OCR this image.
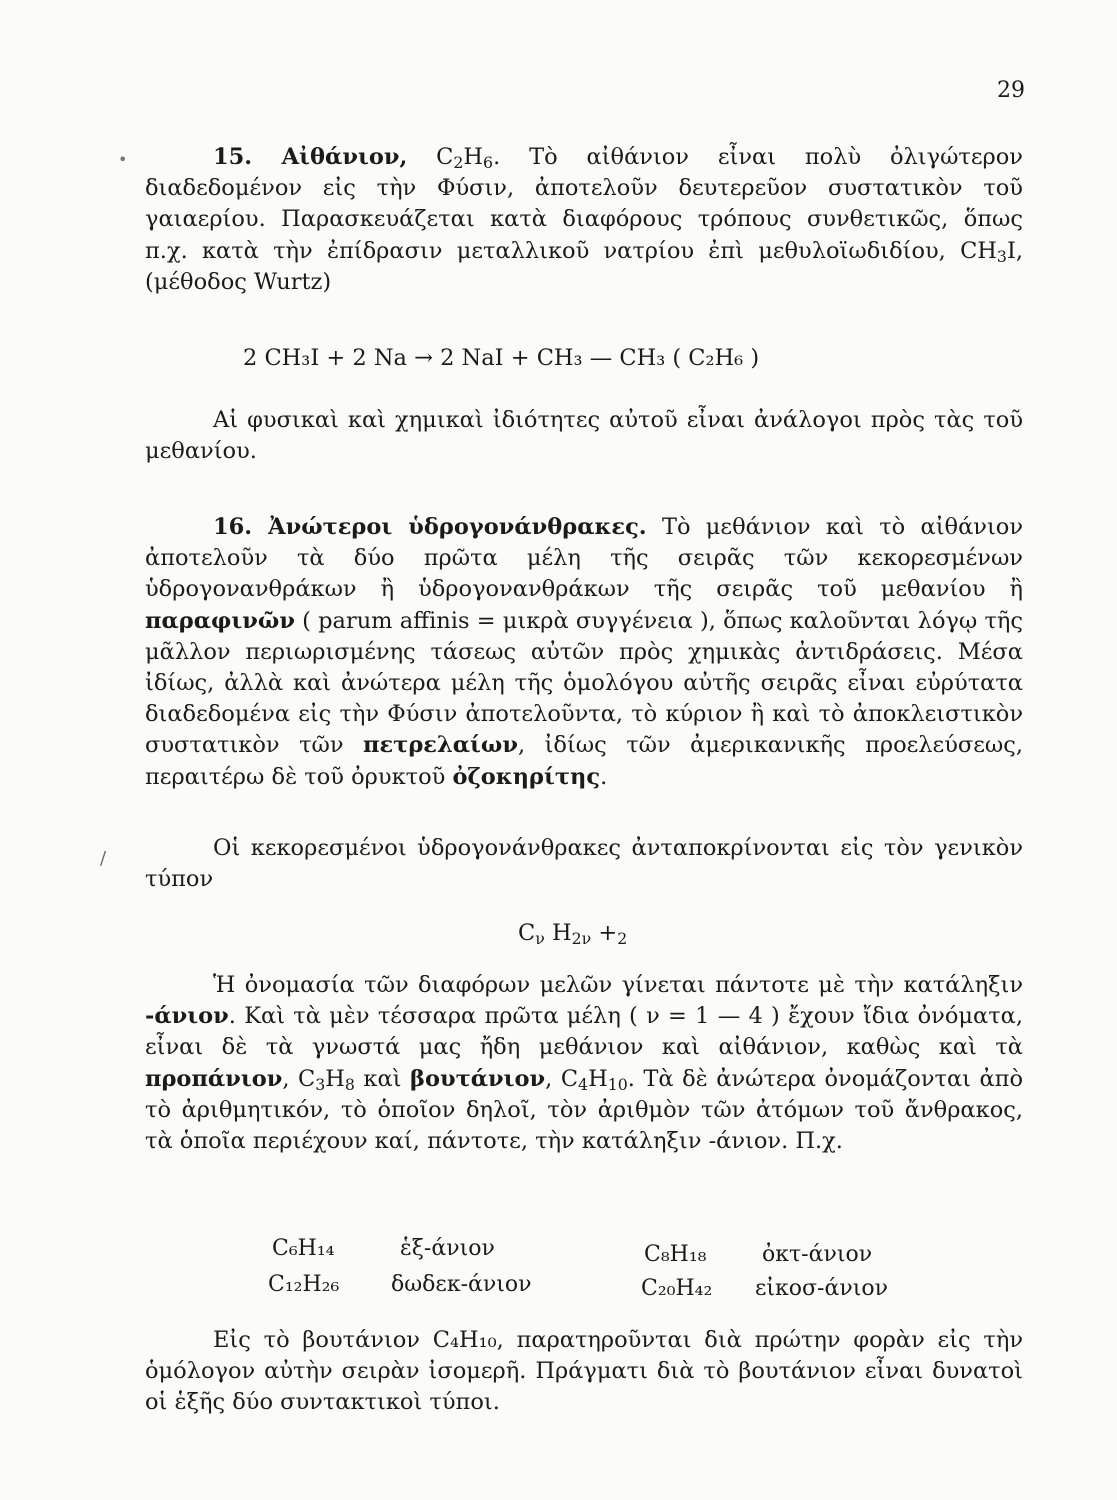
29
•	15. Αἰθάνιον, $C_2H_6$. Τὸ αἰθάνιον εἶναι πολὺ ὀλιγώτερον διαδεδομένον εἰς τὴν Φύσιν, ἀποτελοῦν δευτερεῦον συστατικὸν τοῦ γαιαερίου. Παρασκευάζεται κατὰ διαφόρους τρόπους συνθετικῶς, ὅπως π.χ. κατὰ τὴν ἐπίδρασιν μεταλλικοῦ νατρίου ἐπὶ μεθυλοϊωδιδίου, $CH_3I$, (μέθοδος Wurtz)

2 CH₃I + 2 Na → 2 NaI + CH₃ — CH₃ ( C₂H₆ )

Αἱ φυσικαὶ καὶ χημικαὶ ἰδιότητες αὐτοῦ εἶναι ἀνάλογοι πρὸς τὰς τοῦ μεθανίου.

16. Ἀνώτεροι ὑδρογονάνθρακες. Τὸ μεθάνιον καὶ τὸ αἰθάνιον ἀποτελοῦν τὰ δύο πρῶτα μέλη τῆς σειρᾶς τῶν κεκορεσμένων ὑδρογονανθράκων ἢ ὑδρογονανθράκων τῆς σειρᾶς τοῦ μεθανίου ἢ παραφινῶν ( parum affinis = μικρὰ συγγένεια ), ὅπως καλοῦνται λόγῳ τῆς μᾶλλον περιωρισμένης τάσεως αὐτῶν πρὸς χημικὰς ἀντιδράσεις. Μέσα ἰδίως, ἀλλὰ καὶ ἀνώτερα μέλη τῆς ὁμολόγου αὐτῆς σειρᾶς εἶναι εὐρύτατα διαδεδομένα εἰς τὴν Φύσιν ἀποτελοῦντα, τὸ κύριον ἢ καὶ τὸ ἀποκλειστικὸν συστατικὸν τῶν πετρελαίων, ἰδίως τῶν ἀμερικανικῆς προελεύσεως, περαιτέρω δὲ τοῦ ὀρυκτοῦ ὀζοκηρίτης.

/	Οἱ κεκορεσμένοι ὑδρογονάνθρακες ἀνταποκρίνονται εἰς τὸν γενικὸν τύπον

$C_\nu$ $H_{2\nu} +_2$

Ἡ ὀνομασία τῶν διαφόρων μελῶν γίνεται πάντοτε μὲ τὴν κατάληξιν -άνιον. Καὶ τὰ μὲν τέσσαρα πρῶτα μέλη ( ν = 1 — 4 ) ἔχουν ἴδια ὀνόματα, εἶναι δὲ τὰ γνωστά μας ἤδη μεθάνιον καὶ αἰθάνιον, καθὼς καὶ τὰ προπάνιον, $C_3H_8$ καὶ βουτάνιον, $C_4H_{10}$. Τὰ δὲ ἀνώτερα ὀνομάζονται ἀπὸ τὸ ἀριθμητικόν, τὸ ὁποῖον δηλοῖ, τὸν ἀριθμὸν τῶν ἀτόμων τοῦ ἄνθρακος, τὰ ὁποῖα περιέχουν καί, πάντοτε, τὴν κατάληξιν -άνιον. Π.χ.

C₆H₁₄	ἑξ-άνιον	C₈H₁₈	ὀκτ-άνιον
C₁₂H₂₆ δωδεκ-άνιον	C₂₀H₄₂ εἰκοσ-άνιον

Εἰς τὸ βουτάνιον C₄H₁₀, παρατηροῦνται διὰ πρώτην φορὰν εἰς τὴν ὁμόλογον αὐτὴν σειρὰν ἰσομερῆ. Πράγματι διὰ τὸ βουτάνιον εἶναι δυνατοὶ οἱ ἑξῆς δύο συντακτικοὶ τύποι.
